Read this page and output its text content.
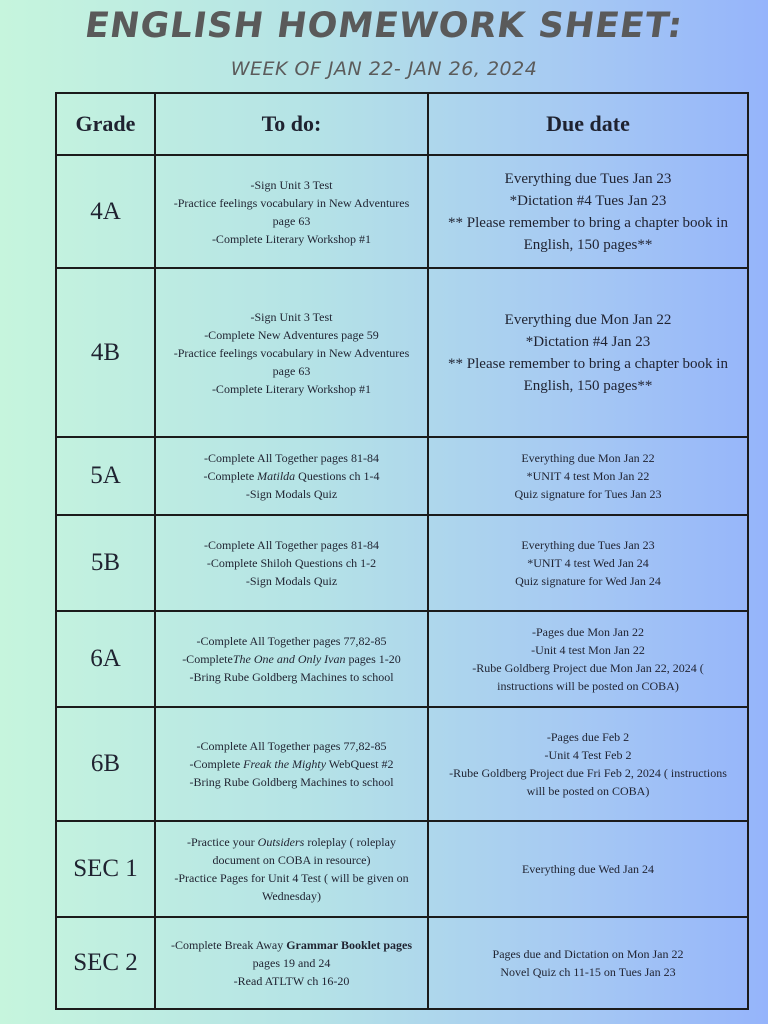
ENGLISH HOMEWORK SHEET:
WEEK OF JAN 22- JAN 26, 2024
Grade	To do:	Due date
4A	-Sign Unit 3 Test
-Practice feelings vocabulary in New Adventures
page 63
-Complete Literary Workshop #1	Everything due Tues Jan 23
*Dictation #4 Tues Jan 23
** Please remember to bring a chapter book in
English, 150 pages**

4B	-Sign Unit 3 Test
-Complete New Adventures page 59
-Practice feelings vocabulary in New Adventures
page 63
-Complete Literary Workshop #1	Everything due Mon Jan 22
*Dictation #4 Jan 23
** Please remember to bring a chapter book in
English, 150 pages**

5A	-Complete All Together pages 81-84
-Complete Matilda Questions ch 1-4
-Sign Modals Quiz	Everything due Mon Jan 22
*UNIT 4 test Mon Jan 22
Quiz signature for Tues Jan 23

5B	-Complete All Together pages 81-84
-Complete Shiloh Questions ch 1-2
-Sign Modals Quiz	Everything due Tues Jan 23
*UNIT 4 test Wed Jan 24
Quiz signature for Wed Jan 24

6A	-Complete All Together pages 77,82-85
-CompleteThe One and Only Ivan pages 1-20
-Bring Rube Goldberg Machines to school	-Pages due Mon Jan 22
-Unit 4 test Mon Jan 22
-Rube Goldberg Project due Mon Jan 22, 2024 (
instructions will be posted on COBA)

6B	-Complete All Together pages 77,82-85
-Complete Freak the Mighty WebQuest #2
-Bring Rube Goldberg Machines to school	-Pages due Feb 2
-Unit 4 Test Feb 2
-Rube Goldberg Project due Fri Feb 2, 2024 ( instructions
will be posted on COBA)

SEC 1	-Practice your Outsiders roleplay ( roleplay
document on COBA in resource)
-Practice Pages for Unit 4 Test ( will be given on
Wednesday)	Everything due Wed Jan 24

SEC 2	-Complete Break Away Grammar Booklet pages
pages 19 and 24
-Read ATLTW ch 16-20	Pages due and Dictation on Mon Jan 22
Novel Quiz ch 11-15 on Tues Jan 23
